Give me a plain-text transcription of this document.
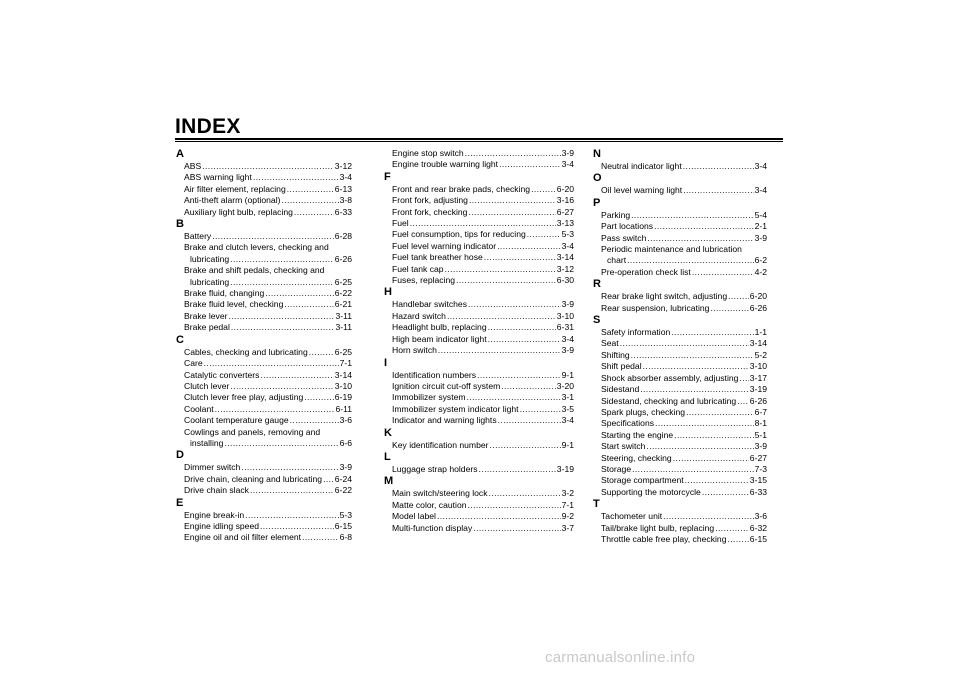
INDEX
A
ABS .....	3-12
ABS warning light .....	3-4
Air filter element, replacing .....	6-13
Anti-theft alarm (optional) .....	3-8
Auxiliary light bulb, replacing .....	6-33
B
Battery .....	6-28
Brake and clutch levers, checking and
lubricating .....	6-26
Brake and shift pedals, checking and
lubricating .....	6-25
Brake fluid, changing .....	6-22
Brake fluid level, checking .....	6-21
Brake lever .....	3-11
Brake pedal .....	3-11
C
Cables, checking and lubricating .....	6-25
Care .....	7-1
Catalytic converters .....	3-14
Clutch lever .....	3-10
Clutch lever free play, adjusting .....	6-19
Coolant .....	6-11
Coolant temperature gauge .....	3-6
Cowlings and panels, removing and
installing .....	6-6
D
Dimmer switch .....	3-9
Drive chain, cleaning and lubricating ..... 6-24
Drive chain slack .....	6-22
E
Engine break-in .....	5-3
Engine idling speed .....	6-15
Engine oil and oil filter element .....	6-8
Engine stop switch .....	3-9
Engine trouble warning light .....	3-4
F
Front and rear brake pads, checking .....	6-20
Front fork, adjusting .....	3-16
Front fork, checking .....	6-27
Fuel .....	3-13
Fuel consumption, tips for reducing .....	5-3
Fuel level warning indicator .....	3-4
Fuel tank breather hose .....	3-14
Fuel tank cap .....	3-12
Fuses, replacing .....	6-30
H
Handlebar switches .....	3-9
Hazard switch .....	3-10
Headlight bulb, replacing .....	6-31
High beam indicator light .....	3-4
Horn switch .....	3-9
I
Identification numbers .....	9-1
Ignition circuit cut-off system .....	3-20
Immobilizer system .....	3-1
Immobilizer system indicator light .....	3-5
Indicator and warning lights .....	3-4
K
Key identification number .....	9-1
L
Luggage strap holders .....	3-19
M
Main switch/steering lock .....	3-2
Matte color, caution .....	7-1
Model label .....	9-2
Multi-function display .....	3-7
N
Neutral indicator light .....	3-4
O
Oil level warning light .....	3-4
P
Parking .....	5-4
Part locations .....	2-1
Pass switch .....	3-9
Periodic maintenance and lubrication
chart .....	6-2
Pre-operation check list .....	4-2
R
Rear brake light switch, adjusting .....	6-20
Rear suspension, lubricating .....	6-26
S
Safety information .....	1-1
Seat .....	3-14
Shifting .....	5-2
Shift pedal .....	3-10
Shock absorber assembly, adjusting ..... 3-17
Sidestand .....	3-19
Sidestand, checking and lubricating ..... 6-26
Spark plugs, checking .....	6-7
Specifications .....	8-1
Starting the engine .....	5-1
Start switch .....	3-9
Steering, checking .....	6-27
Storage .....	7-3
Storage compartment .....	3-15
Supporting the motorcycle .....	6-33
T
Tachometer unit .....	3-6
Tail/brake light bulb, replacing .....	6-32
Throttle cable free play, checking .....	6-15
carmanualsonline.info
